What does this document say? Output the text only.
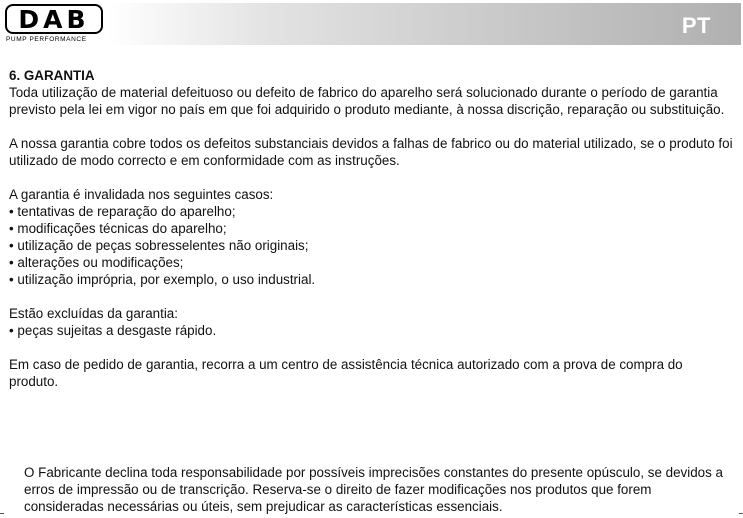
PT
DAB
PUMP PERFORMANCE

6. GARANTIA

Toda utilização de material defeituoso ou defeito de fabrico do aparelho será solucionado durante o período de garantia previsto pela lei em vigor no país em que foi adquirido o produto mediante, à nossa discrição, reparação ou substituição.

A nossa garantia cobre todos os defeitos substanciais devidos a falhas de fabrico ou do material utilizado, se o produto foi utilizado de modo correcto e em conformidade com as instruções.

A garantia é invalidada nos seguintes casos:

• tentativas de reparação do aparelho;
• modificações técnicas do aparelho;
• utilização de peças sobresselentes não originais;
• alterações ou modificações;
• utilização imprópria, por exemplo, o uso industrial.

Estão excluídas da garantia:

• peças sujeitas a desgaste rápido.

Em caso de pedido de garantia, recorra a um centro de assistência técnica autorizado com a prova de compra do produto.

O Fabricante declina toda responsabilidade por possíveis imprecisões constantes do presente opúsculo, se devidos a erros de impressão ou de transcrição. Reserva-se o direito de fazer modificações nos produtos que forem consideradas necessárias ou úteis, sem prejudicar as características essenciais.
